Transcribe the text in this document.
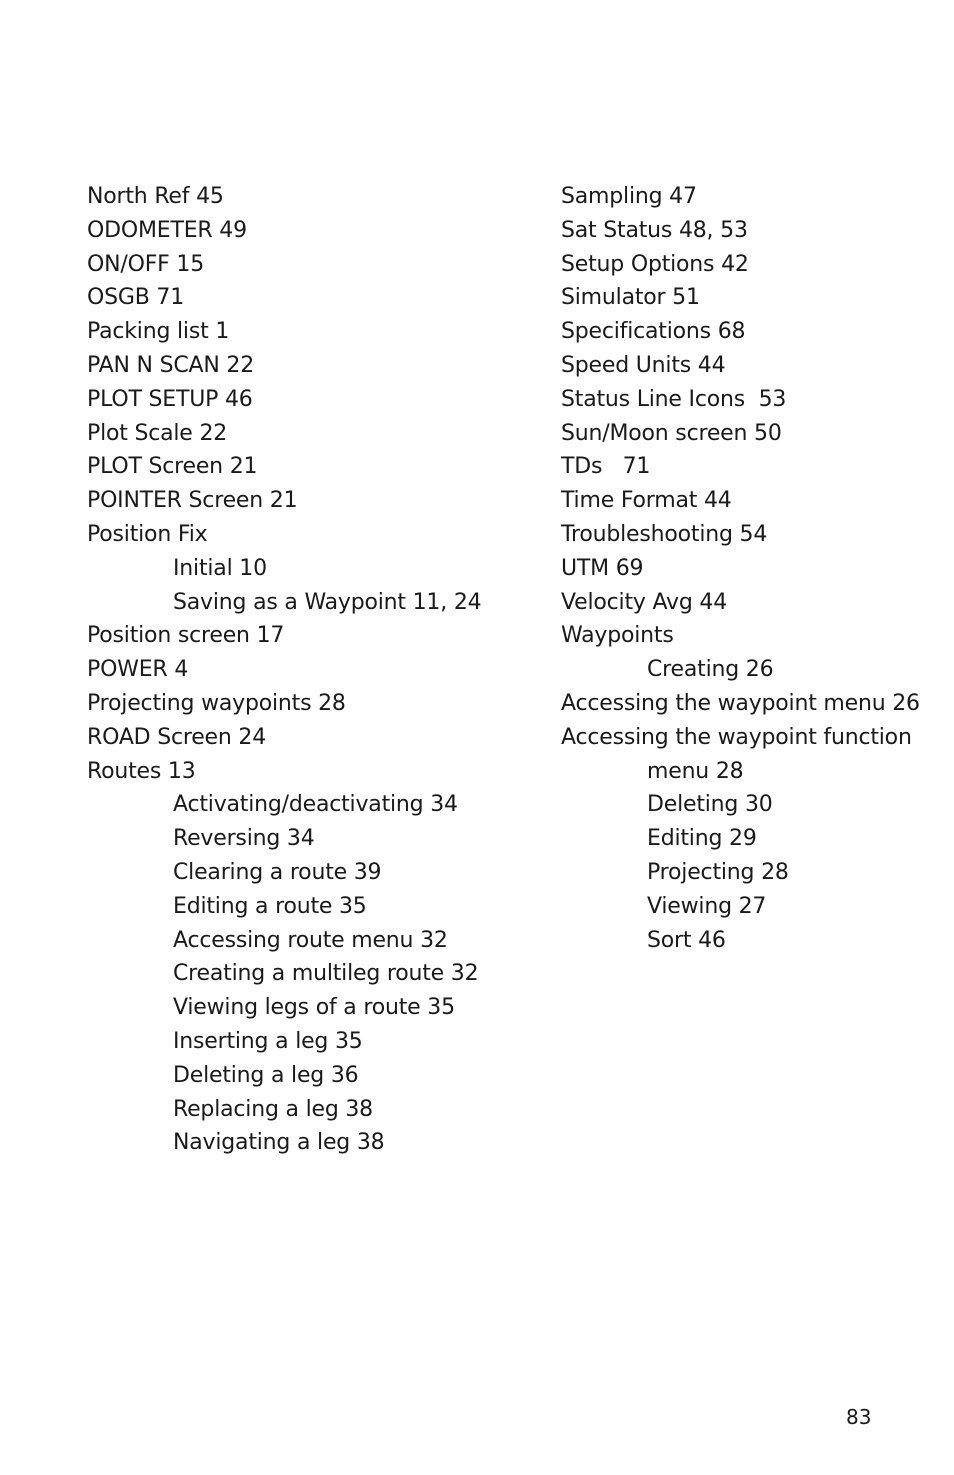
North Ref 45
ODOMETER 49
ON/OFF 15
OSGB 71
Packing list 1
PAN N SCAN 22
PLOT SETUP 46
Plot Scale 22
PLOT Screen 21
POINTER Screen 21
Position Fix
Initial 10
Saving as a Waypoint 11, 24
Position screen 17
POWER 4
Projecting waypoints 28
ROAD Screen 24
Routes 13
Activating/deactivating 34
Reversing 34
Clearing a route 39
Editing a route 35
Accessing route menu 32
Creating a multileg route 32
Viewing legs of a route 35
Inserting a leg 35
Deleting a leg 36
Replacing a leg 38
Navigating a leg 38
Sampling 47
Sat Status 48, 53
Setup Options 42
Simulator 51
Specifications 68
Speed Units 44
Status Line Icons  53
Sun/Moon screen 50
TDs   71
Time Format 44
Troubleshooting 54
UTM 69
Velocity Avg 44
Waypoints
Creating 26
Accessing the waypoint menu 26
Accessing the waypoint function
menu 28
Deleting 30
Editing 29
Projecting 28
Viewing 27
Sort 46
83
